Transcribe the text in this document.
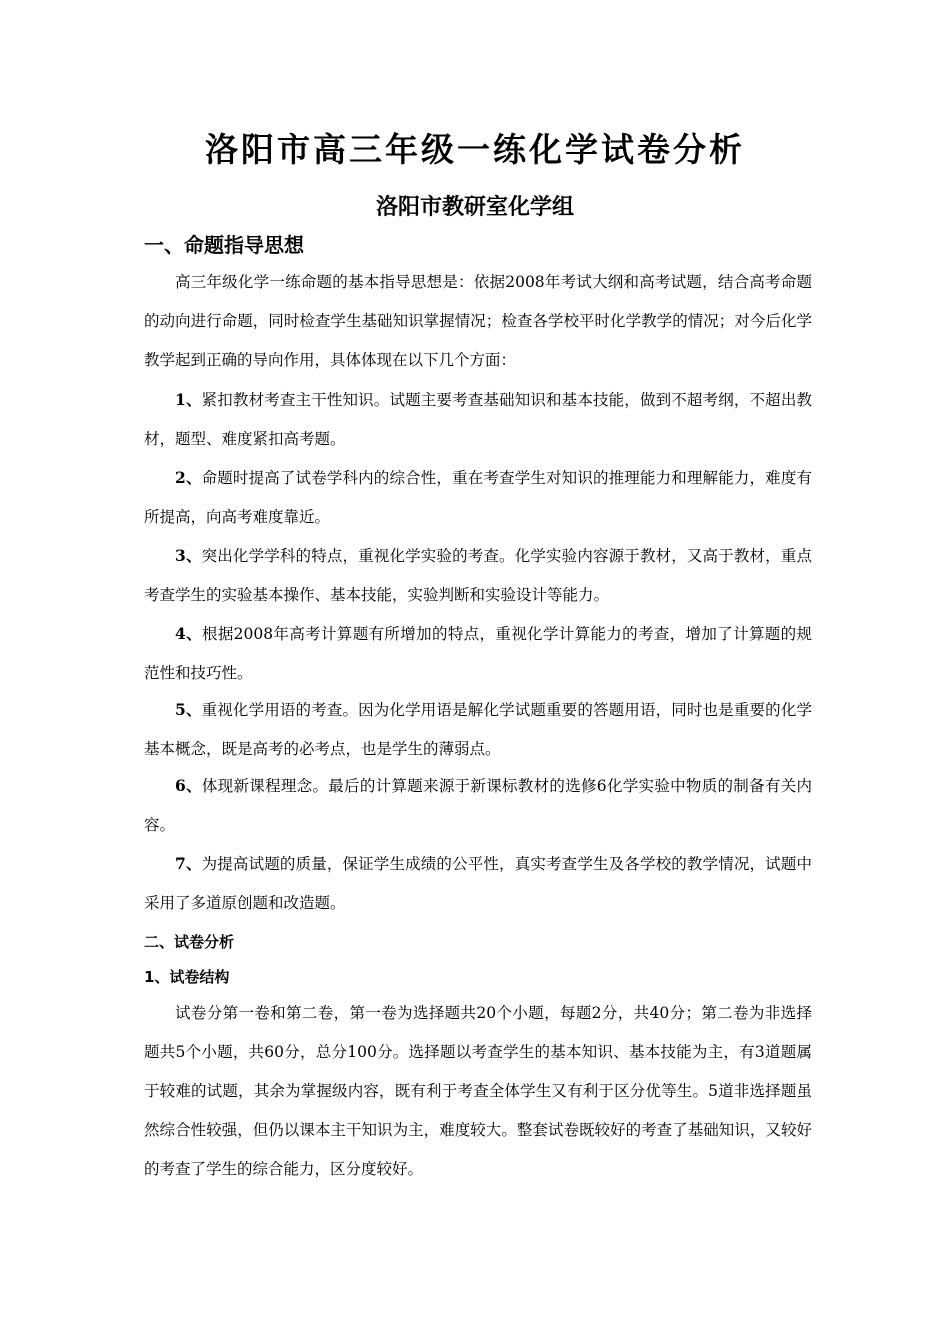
洛阳市高三年级一练化学试卷分析
洛阳市教研室化学组
一、命题指导思想
高三年级化学一练命题的基本指导思想是：依据2008年考试大纲和高考试题，结合高考命题的动向进行命题，同时检查学生基础知识掌握情况；检查各学校平时化学教学的情况；对今后化学教学起到正确的导向作用，具体体现在以下几个方面：
1、紧扣教材考查主干性知识。试题主要考查基础知识和基本技能，做到不超考纲，不超出教材，题型、难度紧扣高考题。
2、命题时提高了试卷学科内的综合性，重在考查学生对知识的推理能力和理解能力，难度有所提高，向高考难度靠近。
3、突出化学学科的特点，重视化学实验的考查。化学实验内容源于教材，又高于教材，重点考查学生的实验基本操作、基本技能，实验判断和实验设计等能力。
4、根据2008年高考计算题有所增加的特点，重视化学计算能力的考查，增加了计算题的规范性和技巧性。
5、重视化学用语的考查。因为化学用语是解化学试题重要的答题用语，同时也是重要的化学基本概念，既是高考的必考点，也是学生的薄弱点。
6、体现新课程理念。最后的计算题来源于新课标教材的选修6化学实验中物质的制备有关内容。
7、为提高试题的质量，保证学生成绩的公平性，真实考查学生及各学校的教学情况，试题中采用了多道原创题和改造题。
二、试卷分析
1、试卷结构
试卷分第一卷和第二卷，第一卷为选择题共20个小题，每题2分，共40分；第二卷为非选择题共5个小题，共60分，总分100分。选择题以考查学生的基本知识、基本技能为主，有3道题属于较难的试题，其余为掌握级内容，既有利于考查全体学生又有利于区分优等生。5道非选择题虽然综合性较强，但仍以课本主干知识为主，难度较大。整套试卷既较好的考查了基础知识，又较好的考查了学生的综合能力，区分度较好。
